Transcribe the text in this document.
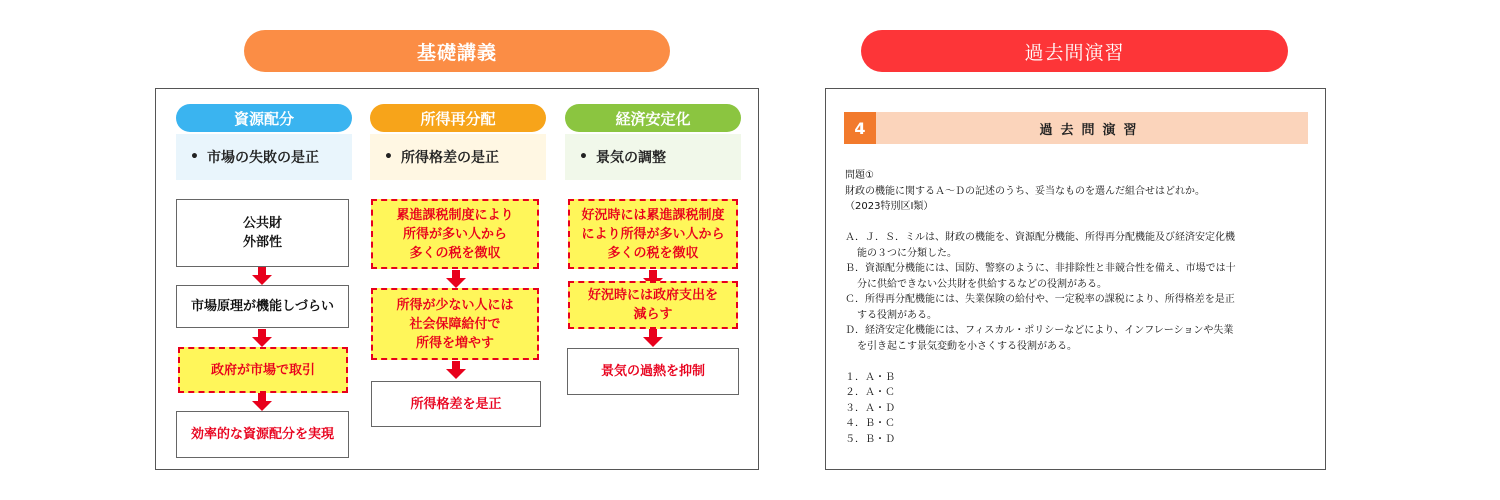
基礎講義	過去問演習
資源配分
• 市場の失敗の是正
公共財
外部性
市場原理が機能しづらい
政府が市場で取引
効率的な資源配分を実現
所得再分配
• 所得格差の是正
累進課税制度により
所得が多い人から
多くの税を徴収
所得が少ない人には
社会保障給付で
所得を増やす
所得格差を是正
経済安定化
• 景気の調整
好況時には累進課税制度
により所得が多い人から
多くの税を徴収
好況時には政府支出を
減らす
景気の過熱を抑制
4	過去問演習
問題①
財政の機能に関するＡ～Ｄの記述のうち、妥当なものを選んだ組合せはどれか。
（2023特別区Ⅰ類）
Ａ．Ｊ．Ｓ．ミルは、財政の機能を、資源配分機能、所得再分配機能及び経済安定化機
能の３つに分類した。
Ｂ．資源配分機能には、国防、警察のように、非排除性と非競合性を備え、市場では十
分に供給できない公共財を供給するなどの役割がある。
Ｃ．所得再分配機能には、失業保険の給付や、一定税率の課税により、所得格差を是正
する役割がある。
Ｄ．経済安定化機能には、フィスカル・ポリシーなどにより、インフレーションや失業
を引き起こす景気変動を小さくする役割がある。
１．Ａ・Ｂ
２．Ａ・Ｃ
３．Ａ・Ｄ
４．Ｂ・Ｃ
５．Ｂ・Ｄ
